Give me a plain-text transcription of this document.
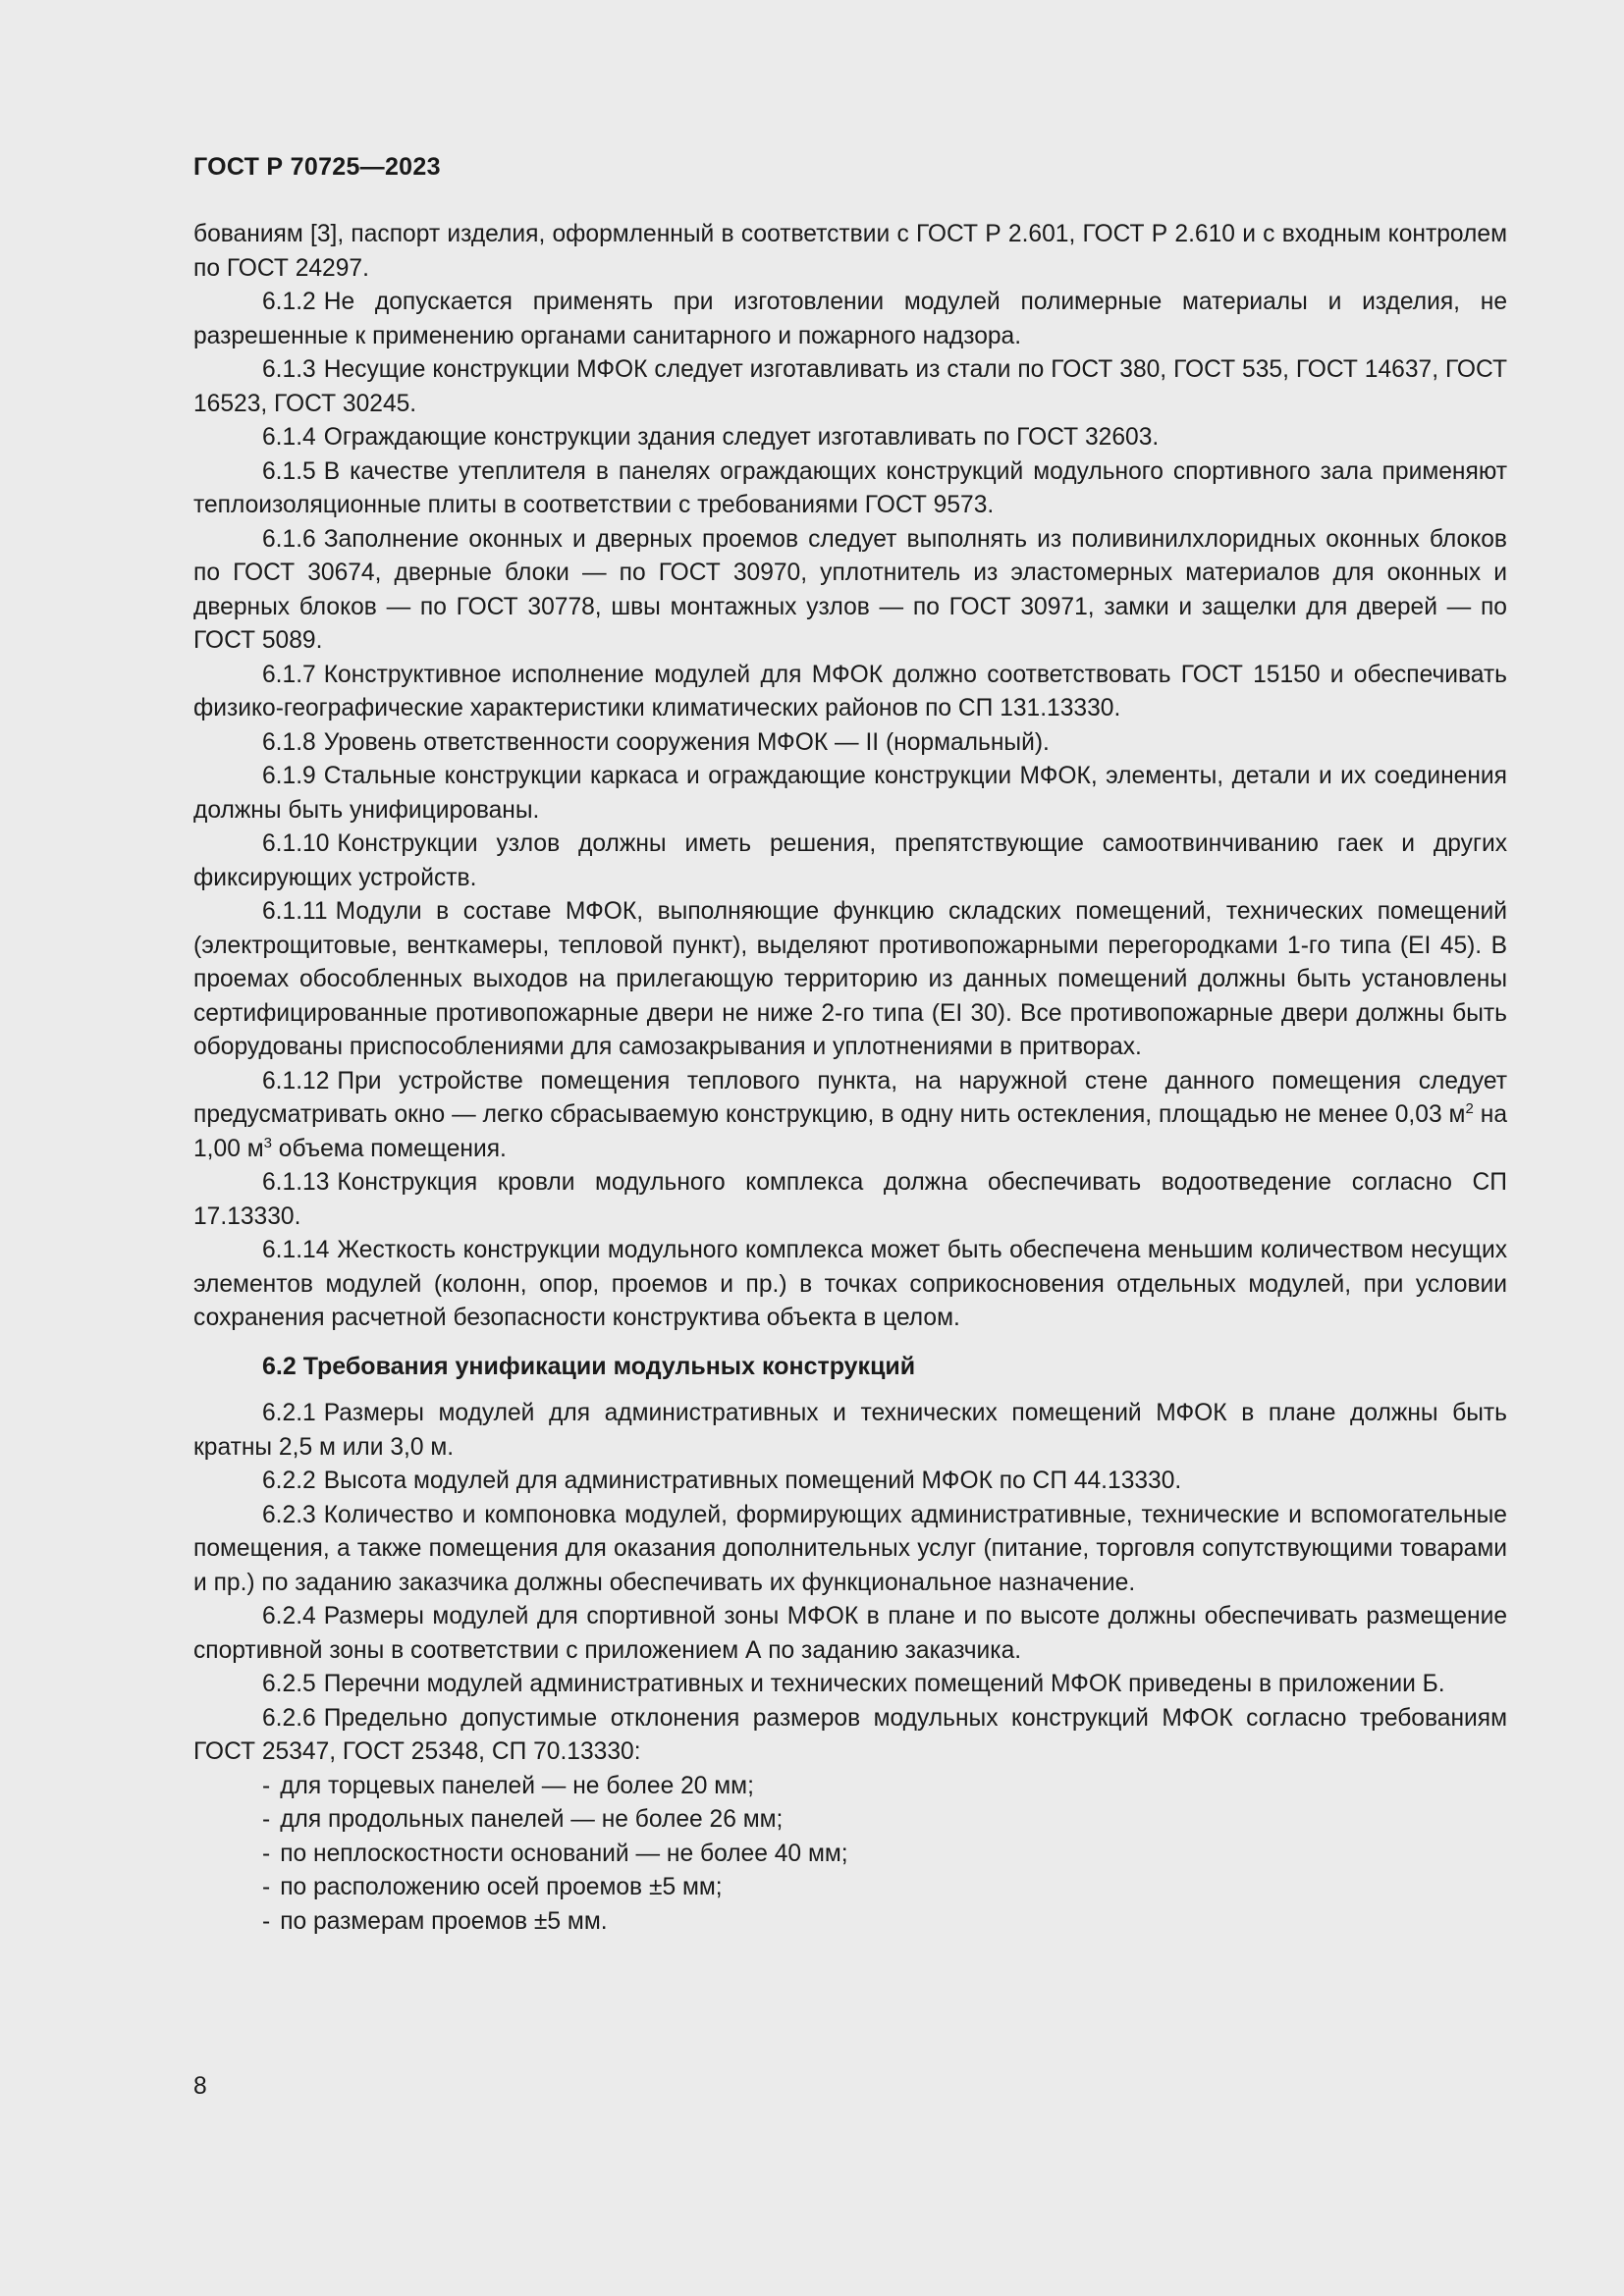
ГОСТ Р 70725—2023

бованиям [3], паспорт изделия, оформленный в соответствии с ГОСТ Р 2.601, ГОСТ Р 2.610 и с входным контролем по ГОСТ 24297.

6.1.2 Не допускается применять при изготовлении модулей полимерные материалы и изделия, не разрешенные к применению органами санитарного и пожарного надзора.

6.1.3 Несущие конструкции МФОК следует изготавливать из стали по ГОСТ 380, ГОСТ 535, ГОСТ 14637, ГОСТ 16523, ГОСТ 30245.

6.1.4 Ограждающие конструкции здания следует изготавливать по ГОСТ 32603.

6.1.5 В качестве утеплителя в панелях ограждающих конструкций модульного спортивного зала применяют теплоизоляционные плиты в соответствии с требованиями ГОСТ 9573.

6.1.6 Заполнение оконных и дверных проемов следует выполнять из поливинилхлоридных оконных блоков по ГОСТ 30674, дверные блоки — по ГОСТ 30970, уплотнитель из эластомерных материалов для оконных и дверных блоков — по ГОСТ 30778, швы монтажных узлов — по ГОСТ 30971, замки и защелки для дверей — по ГОСТ 5089.

6.1.7 Конструктивное исполнение модулей для МФОК должно соответствовать ГОСТ 15150 и обеспечивать физико-географические характеристики климатических районов по СП 131.13330.

6.1.8 Уровень ответственности сооружения МФОК — II (нормальный).

6.1.9 Стальные конструкции каркаса и ограждающие конструкции МФОК, элементы, детали и их соединения должны быть унифицированы.

6.1.10 Конструкции узлов должны иметь решения, препятствующие самоотвинчиванию гаек и других фиксирующих устройств.

6.1.11 Модули в составе МФОК, выполняющие функцию складских помещений, технических помещений (электрощитовые, венткамеры, тепловой пункт), выделяют противопожарными перегородками 1-го типа (EI 45). В проемах обособленных выходов на прилегающую территорию из данных помещений должны быть установлены сертифицированные противопожарные двери не ниже 2-го типа (EI 30). Все противопожарные двери должны быть оборудованы приспособлениями для самозакрывания и уплотнениями в притворах.

6.1.12 При устройстве помещения теплового пункта, на наружной стене данного помещения следует предусматривать окно — легко сбрасываемую конструкцию, в одну нить остекления, площадью не менее 0,03 $м^2$ на 1,00 $м^3$ объема помещения.

6.1.13 Конструкция кровли модульного комплекса должна обеспечивать водоотведение согласно СП 17.13330.

6.1.14 Жесткость конструкции модульного комплекса может быть обеспечена меньшим количеством несущих элементов модулей (колонн, опор, проемов и пр.) в точках соприкосновения отдельных модулей, при условии сохранения расчетной безопасности конструктива объекта в целом.

6.2 Требования унификации модульных конструкций

6.2.1 Размеры модулей для административных и технических помещений МФОК в плане должны быть кратны 2,5 м или 3,0 м.

6.2.2 Высота модулей для административных помещений МФОК по СП 44.13330.

6.2.3 Количество и компоновка модулей, формирующих административные, технические и вспомогательные помещения, а также помещения для оказания дополнительных услуг (питание, торговля сопутствующими товарами и пр.) по заданию заказчика должны обеспечивать их функциональное назначение.

6.2.4 Размеры модулей для спортивной зоны МФОК в плане и по высоте должны обеспечивать размещение спортивной зоны в соответствии с приложением А по заданию заказчика.

6.2.5 Перечни модулей административных и технических помещений МФОК приведены в приложении Б.

6.2.6 Предельно допустимые отклонения размеров модульных конструкций МФОК согласно требованиям ГОСТ 25347, ГОСТ 25348, СП 70.13330:

- для торцевых панелей — не более 20 мм;
- для продольных панелей — не более 26 мм;
- по неплоскостности оснований — не более 40 мм;
- по расположению осей проемов ±5 мм;
- по размерам проемов ±5 мм.
8
